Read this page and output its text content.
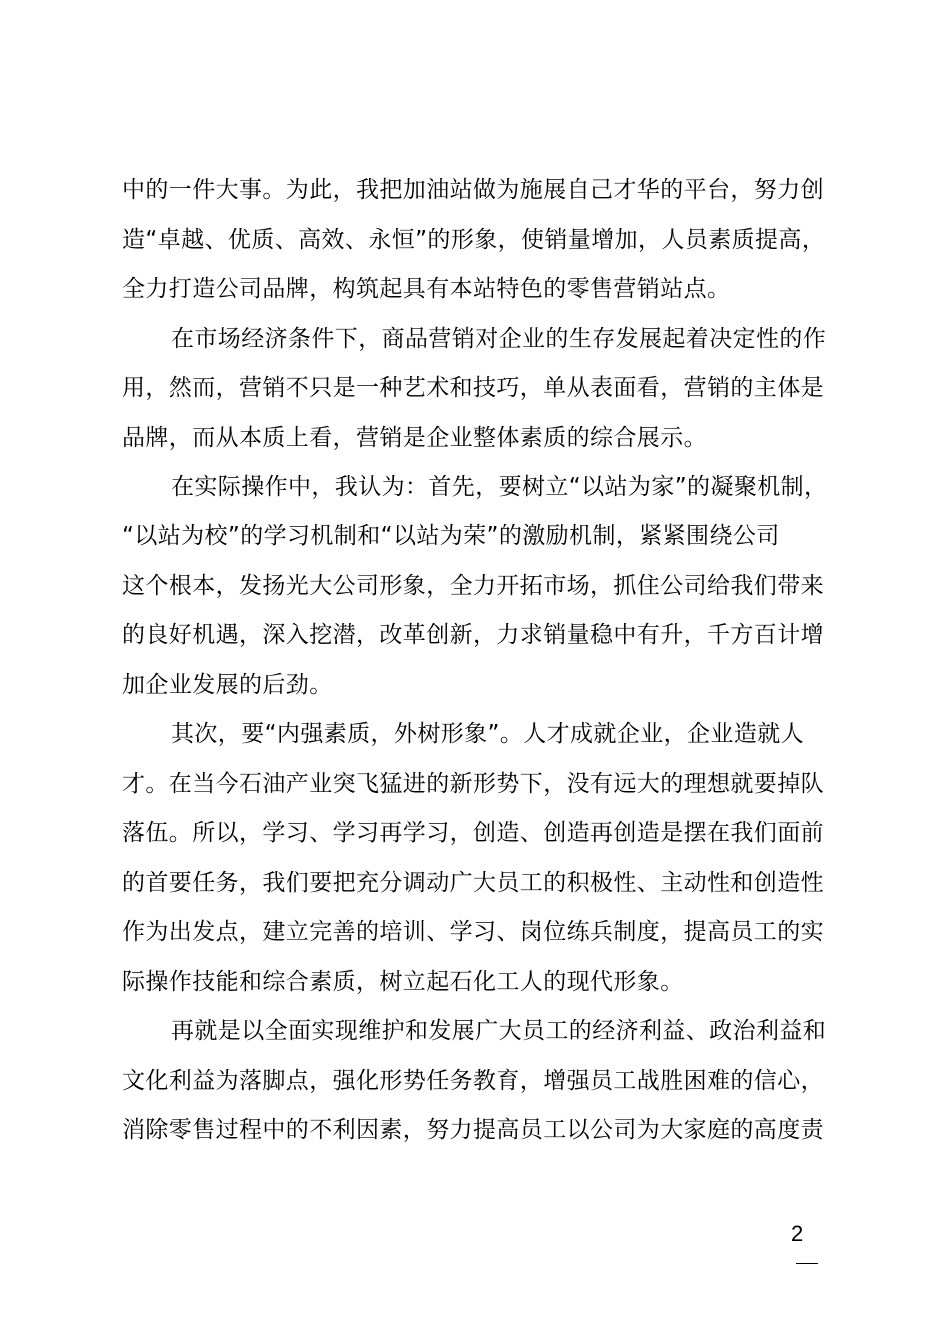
中的一件大事。为此，我把加油站做为施展自己才华的平台，努力创
造“卓越、优质、高效、永恒”的形象，使销量增加，人员素质提高，
全力打造公司品牌，构筑起具有本站特色的零售营销站点。
在市场经济条件下，商品营销对企业的生存发展起着决定性的作
用，然而，营销不只是一种艺术和技巧，单从表面看，营销的主体是
品牌，而从本质上看，营销是企业整体素质的综合展示。
在实际操作中，我认为：首先，要树立“以站为家”的凝聚机制，
“以站为校”的学习机制和“以站为荣”的激励机制，紧紧围绕公司
这个根本，发扬光大公司形象，全力开拓市场，抓住公司给我们带来
的良好机遇，深入挖潜，改革创新，力求销量稳中有升，千方百计增
加企业发展的后劲。
其次，要“内强素质，外树形象”。人才成就企业，企业造就人
才。在当今石油产业突飞猛进的新形势下，没有远大的理想就要掉队
落伍。所以，学习、学习再学习，创造、创造再创造是摆在我们面前
的首要任务，我们要把充分调动广大员工的积极性、主动性和创造性
作为出发点，建立完善的培训、学习、岗位练兵制度，提高员工的实
际操作技能和综合素质，树立起石化工人的现代形象。
再就是以全面实现维护和发展广大员工的经济利益、政治利益和
文化利益为落脚点，强化形势任务教育，增强员工战胜困难的信心，
消除零售过程中的不利因素，努力提高员工以公司为大家庭的高度责
2
